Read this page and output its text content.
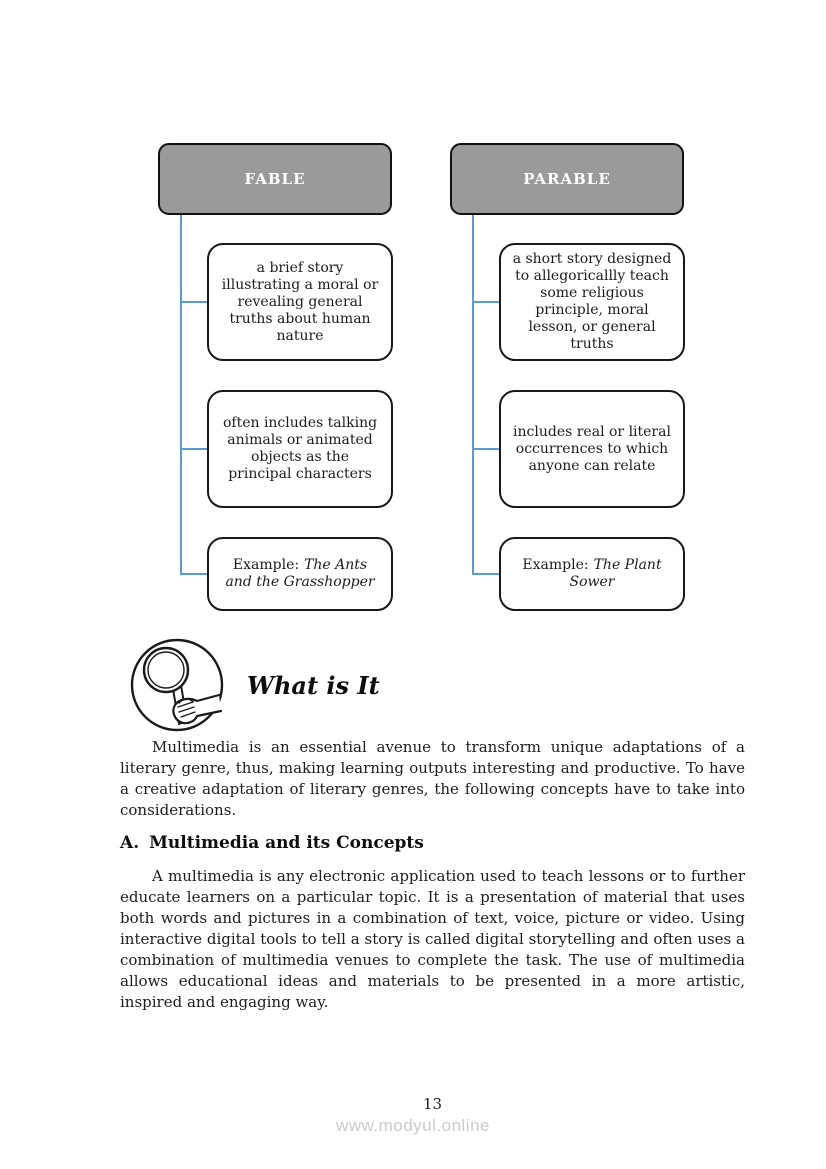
FABLE
a brief story illustrating a moral or revealing general truths about human nature
often includes talking animals or animated objects as the principal characters
Example: The Ants and the Grasshopper
PARABLE
a short story designed to allegoricallly teach some religious principle, moral lesson, or general truths
includes real or literal occurrences to which anyone can relate
Example: The Plant Sower
What is It

Multimedia is an essential avenue to transform unique adaptations of a literary genre, thus, making learning outputs interesting and productive. To have a creative adaptation of literary genres, the following concepts have to take into considerations.

A. Multimedia and its Concepts

A multimedia is any electronic application used to teach lessons or to further educate learners on a particular topic. It is a presentation of material that uses both words and pictures in a combination of text, voice, picture or video. Using interactive digital tools to tell a story is called digital storytelling and often uses a combination of multimedia venues to complete the task. The use of multimedia allows educational ideas and materials to be presented in a more artistic, inspired and engaging way.

13
www.modyul.online
